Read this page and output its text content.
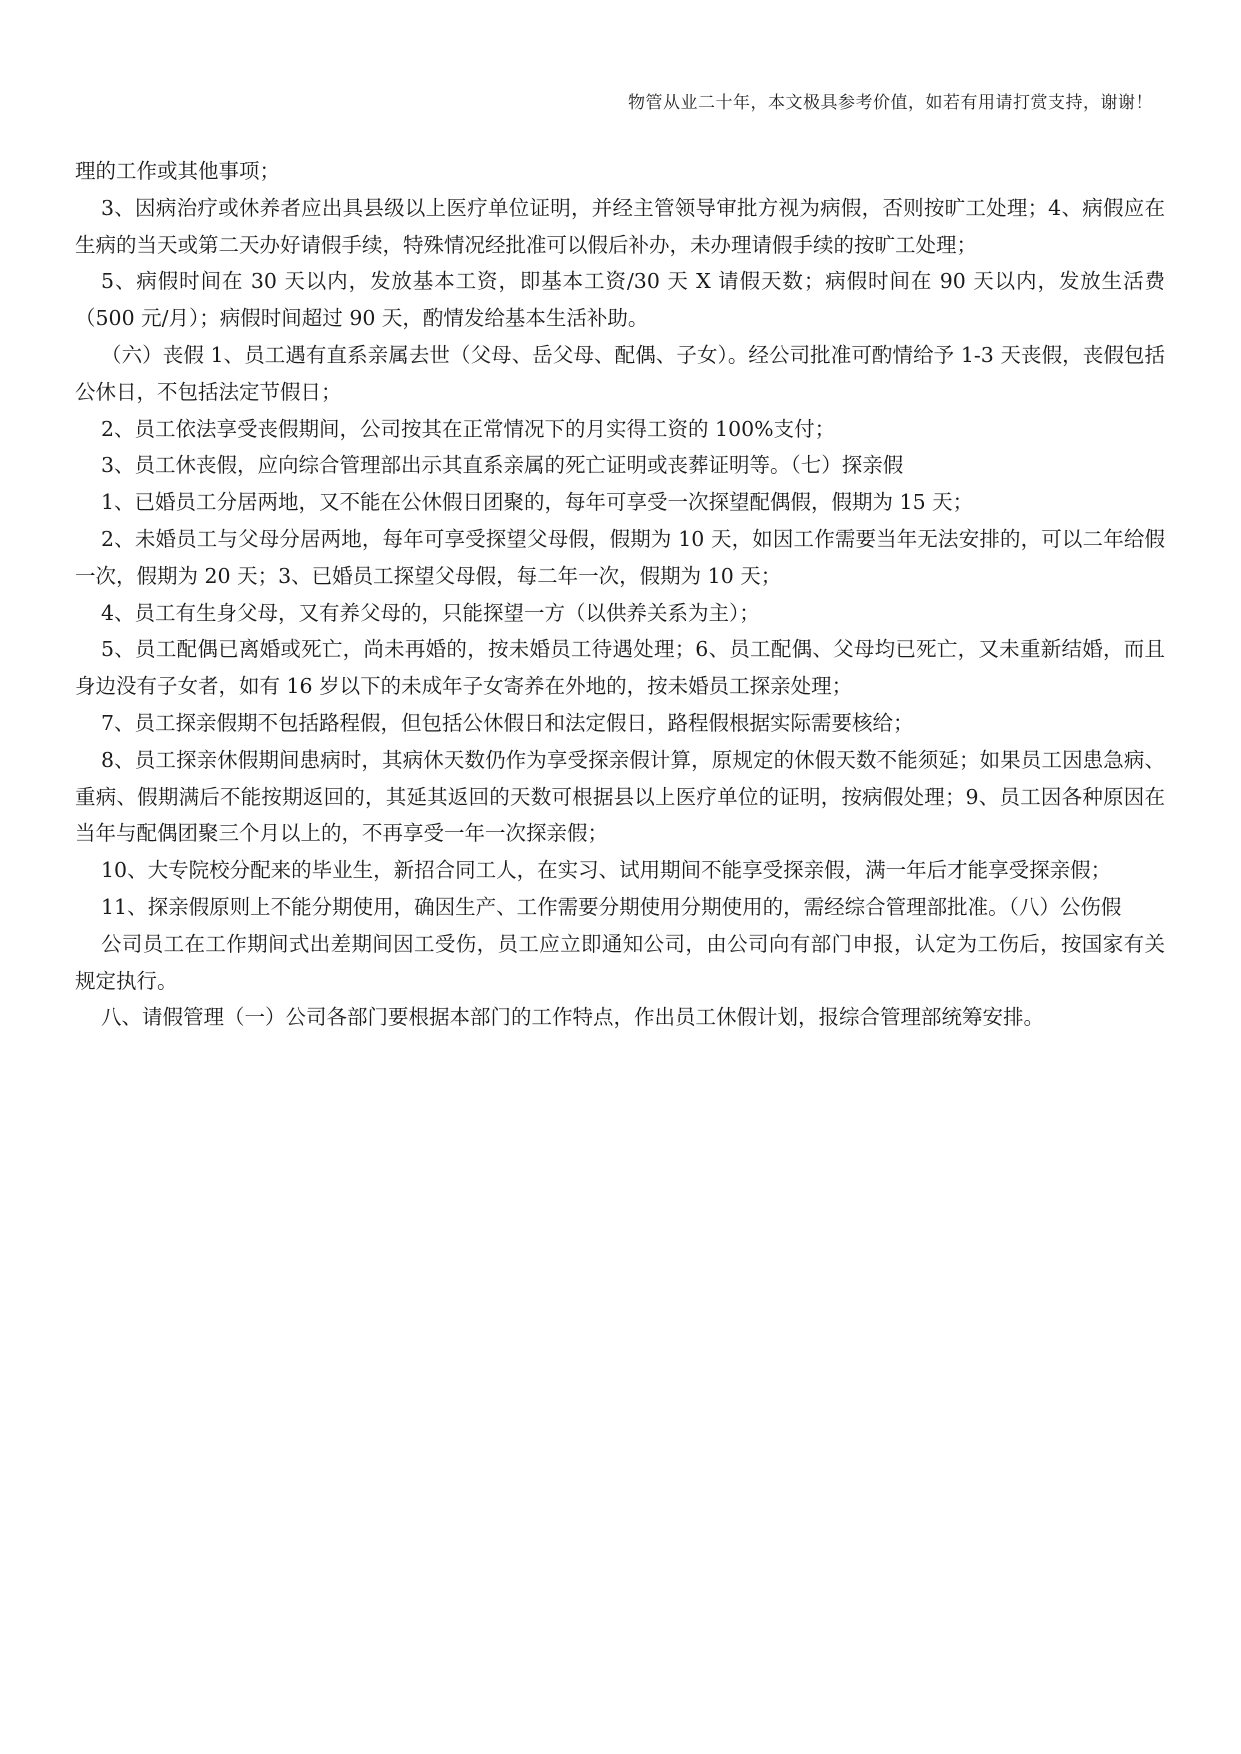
物管从业二十年，本文极具参考价值，如若有用请打赏支持，谢谢！

理的工作或其他事项；

3、因病治疗或休养者应出具县级以上医疗单位证明，并经主管领导审批方视为病假，否则按旷工处理；4、病假应在生病的当天或第二天办好请假手续，特殊情况经批准可以假后补办，未办理请假手续的按旷工处理；

5、病假时间在 30 天以内，发放基本工资，即基本工资/30 天 X 请假天数；病假时间在 90 天以内，发放生活费（500 元/月）；病假时间超过 90 天，酌情发给基本生活补助。

（六）丧假 1、员工遇有直系亲属去世（父母、岳父母、配偶、子女）。经公司批准可酌情给予 1-3 天丧假，丧假包括公休日，不包括法定节假日；

2、员工依法享受丧假期间，公司按其在正常情况下的月实得工资的 100%支付；

3、员工休丧假，应向综合管理部出示其直系亲属的死亡证明或丧葬证明等。（七）探亲假

1、已婚员工分居两地，又不能在公休假日团聚的，每年可享受一次探望配偶假，假期为 15 天；

2、未婚员工与父母分居两地，每年可享受探望父母假，假期为 10 天，如因工作需要当年无法安排的，可以二年给假一次，假期为 20 天；3、已婚员工探望父母假，每二年一次，假期为 10 天；

4、员工有生身父母，又有养父母的，只能探望一方（以供养关系为主）；

5、员工配偶已离婚或死亡，尚未再婚的，按未婚员工待遇处理；6、员工配偶、父母均已死亡，又未重新结婚，而且身边没有子女者，如有 16 岁以下的未成年子女寄养在外地的，按未婚员工探亲处理；

7、员工探亲假期不包括路程假，但包括公休假日和法定假日，路程假根据实际需要核给；

8、员工探亲休假期间患病时，其病休天数仍作为享受探亲假计算，原规定的休假天数不能须延；如果员工因患急病、重病、假期满后不能按期返回的，其延其返回的天数可根据县以上医疗单位的证明，按病假处理；9、员工因各种原因在当年与配偶团聚三个月以上的，不再享受一年一次探亲假；

10、大专院校分配来的毕业生，新招合同工人，在实习、试用期间不能享受探亲假，满一年后才能享受探亲假；

11、探亲假原则上不能分期使用，确因生产、工作需要分期使用分期使用的，需经综合管理部批准。（八）公伤假

公司员工在工作期间式出差期间因工受伤，员工应立即通知公司，由公司向有部门申报，认定为工伤后，按国家有关规定执行。

八、请假管理（一）公司各部门要根据本部门的工作特点，作出员工休假计划，报综合管理部统筹安排。
